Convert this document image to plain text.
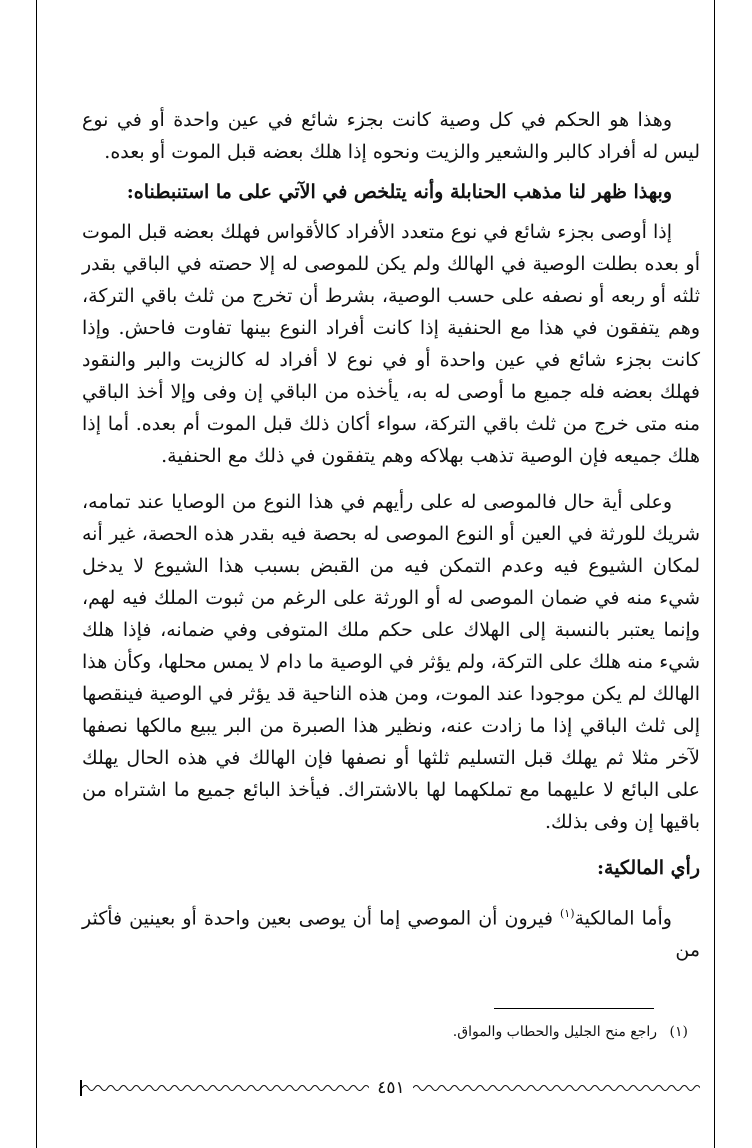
وهذا هو الحكم في كل وصية كانت بجزء شائع في عين واحدة أو في نوع ليس له أفراد كالبر والشعير والزيت ونحوه إذا هلك بعضه قبل الموت أو بعده.

وبهذا ظهر لنا مذهب الحنابلة وأنه يتلخص في الآتي على ما استنبطناه:

إذا أوصى بجزء شائع في نوع متعدد الأفراد كالأقواس فهلك بعضه قبل الموت أو بعده بطلت الوصية في الهالك ولم يكن للموصى له إلا حصته في الباقي بقدر ثلثه أو ربعه أو نصفه على حسب الوصية، بشرط أن تخرج من ثلث باقي التركة، وهم يتفقون في هذا مع الحنفية إذا كانت أفراد النوع بينها تفاوت فاحش. وإذا كانت بجزء شائع في عين واحدة أو في نوع لا أفراد له كالزيت والبر والنقود فهلك بعضه فله جميع ما أوصى له به، يأخذه من الباقي إن وفى وإلا أخذ الباقي منه متى خرج من ثلث باقي التركة، سواء أكان ذلك قبل الموت أم بعده. أما إذا هلك جميعه فإن الوصية تذهب بهلاكه وهم يتفقون في ذلك مع الحنفية.

وعلى أية حال فالموصى له على رأيهم في هذا النوع من الوصايا عند تمامه، شريك للورثة في العين أو النوع الموصى له بحصة فيه بقدر هذه الحصة، غير أنه لمكان الشيوع فيه وعدم التمكن فيه من القبض بسبب هذا الشيوع لا يدخل شيء منه في ضمان الموصى له أو الورثة على الرغم من ثبوت الملك فيه لهم، وإنما يعتبر بالنسبة إلى الهلاك على حكم ملك المتوفى وفي ضمانه، فإذا هلك شيء منه هلك على التركة، ولم يؤثر في الوصية ما دام لا يمس محلها، وكأن هذا الهالك لم يكن موجودا عند الموت، ومن هذه الناحية قد يؤثر في الوصية فينقصها إلى ثلث الباقي إذا ما زادت عنه، ونظير هذا الصبرة من البر يبيع مالكها نصفها لآخر مثلا ثم يهلك قبل التسليم ثلثها أو نصفها فإن الهالك في هذه الحال يهلك على البائع لا عليهما مع تملكهما لها بالاشتراك. فيأخذ البائع جميع ما اشتراه من باقيها إن وفى بذلك.

رأي المالكية:

وأما المالكية$^{(١)}$ فيرون أن الموصي إما أن يوصى بعين واحدة أو بعينين فأكثر من

(١) راجع منح الجليل والحطاب والمواق.
٤٥١
